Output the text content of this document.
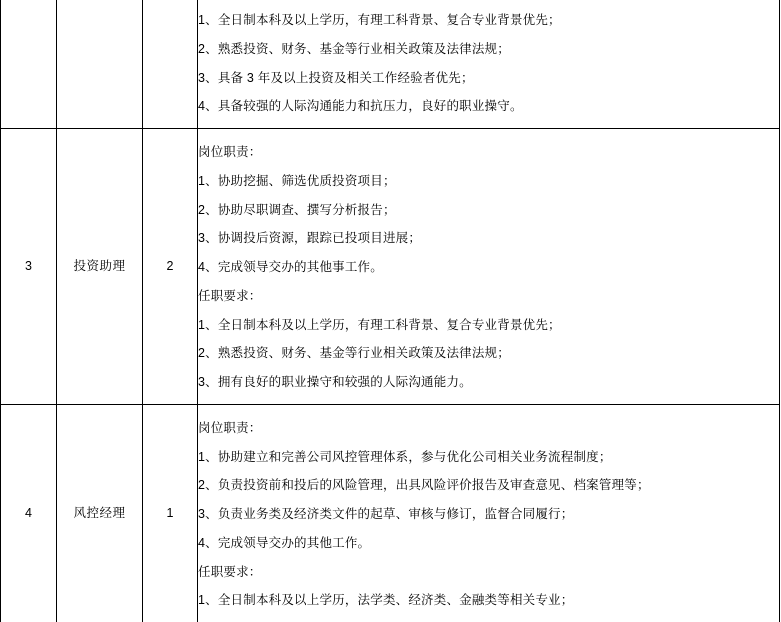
			1、全日制本科及以上学历，有理工科背景、复合专业背景优先；
2、熟悉投资、财务、基金等行业相关政策及法律法规；
3、具备 3 年及以上投资及相关工作经验者优先；
4、具备较强的人际沟通能力和抗压力，良好的职业操守。

3	投资助理	2	
岗位职责：
1、协助挖掘、筛选优质投资项目；
2、协助尽职调查、撰写分析报告；
3、协调投后资源，跟踪已投项目进展；
4、完成领导交办的其他事工作。
任职要求：
1、全日制本科及以上学历，有理工科背景、复合专业背景优先；
2、熟悉投资、财务、基金等行业相关政策及法律法规；
3、拥有良好的职业操守和较强的人际沟通能力。

4	风控经理	1	
岗位职责：
1、协助建立和完善公司风控管理体系，参与优化公司相关业务流程制度；
2、负责投资前和投后的风险管理，出具风险评价报告及审查意见、档案管理等；
3、负责业务类及经济类文件的起草、审核与修订，监督合同履行；
4、完成领导交办的其他工作。
任职要求：
1、全日制本科及以上学历，法学类、经济类、金融类等相关专业；
